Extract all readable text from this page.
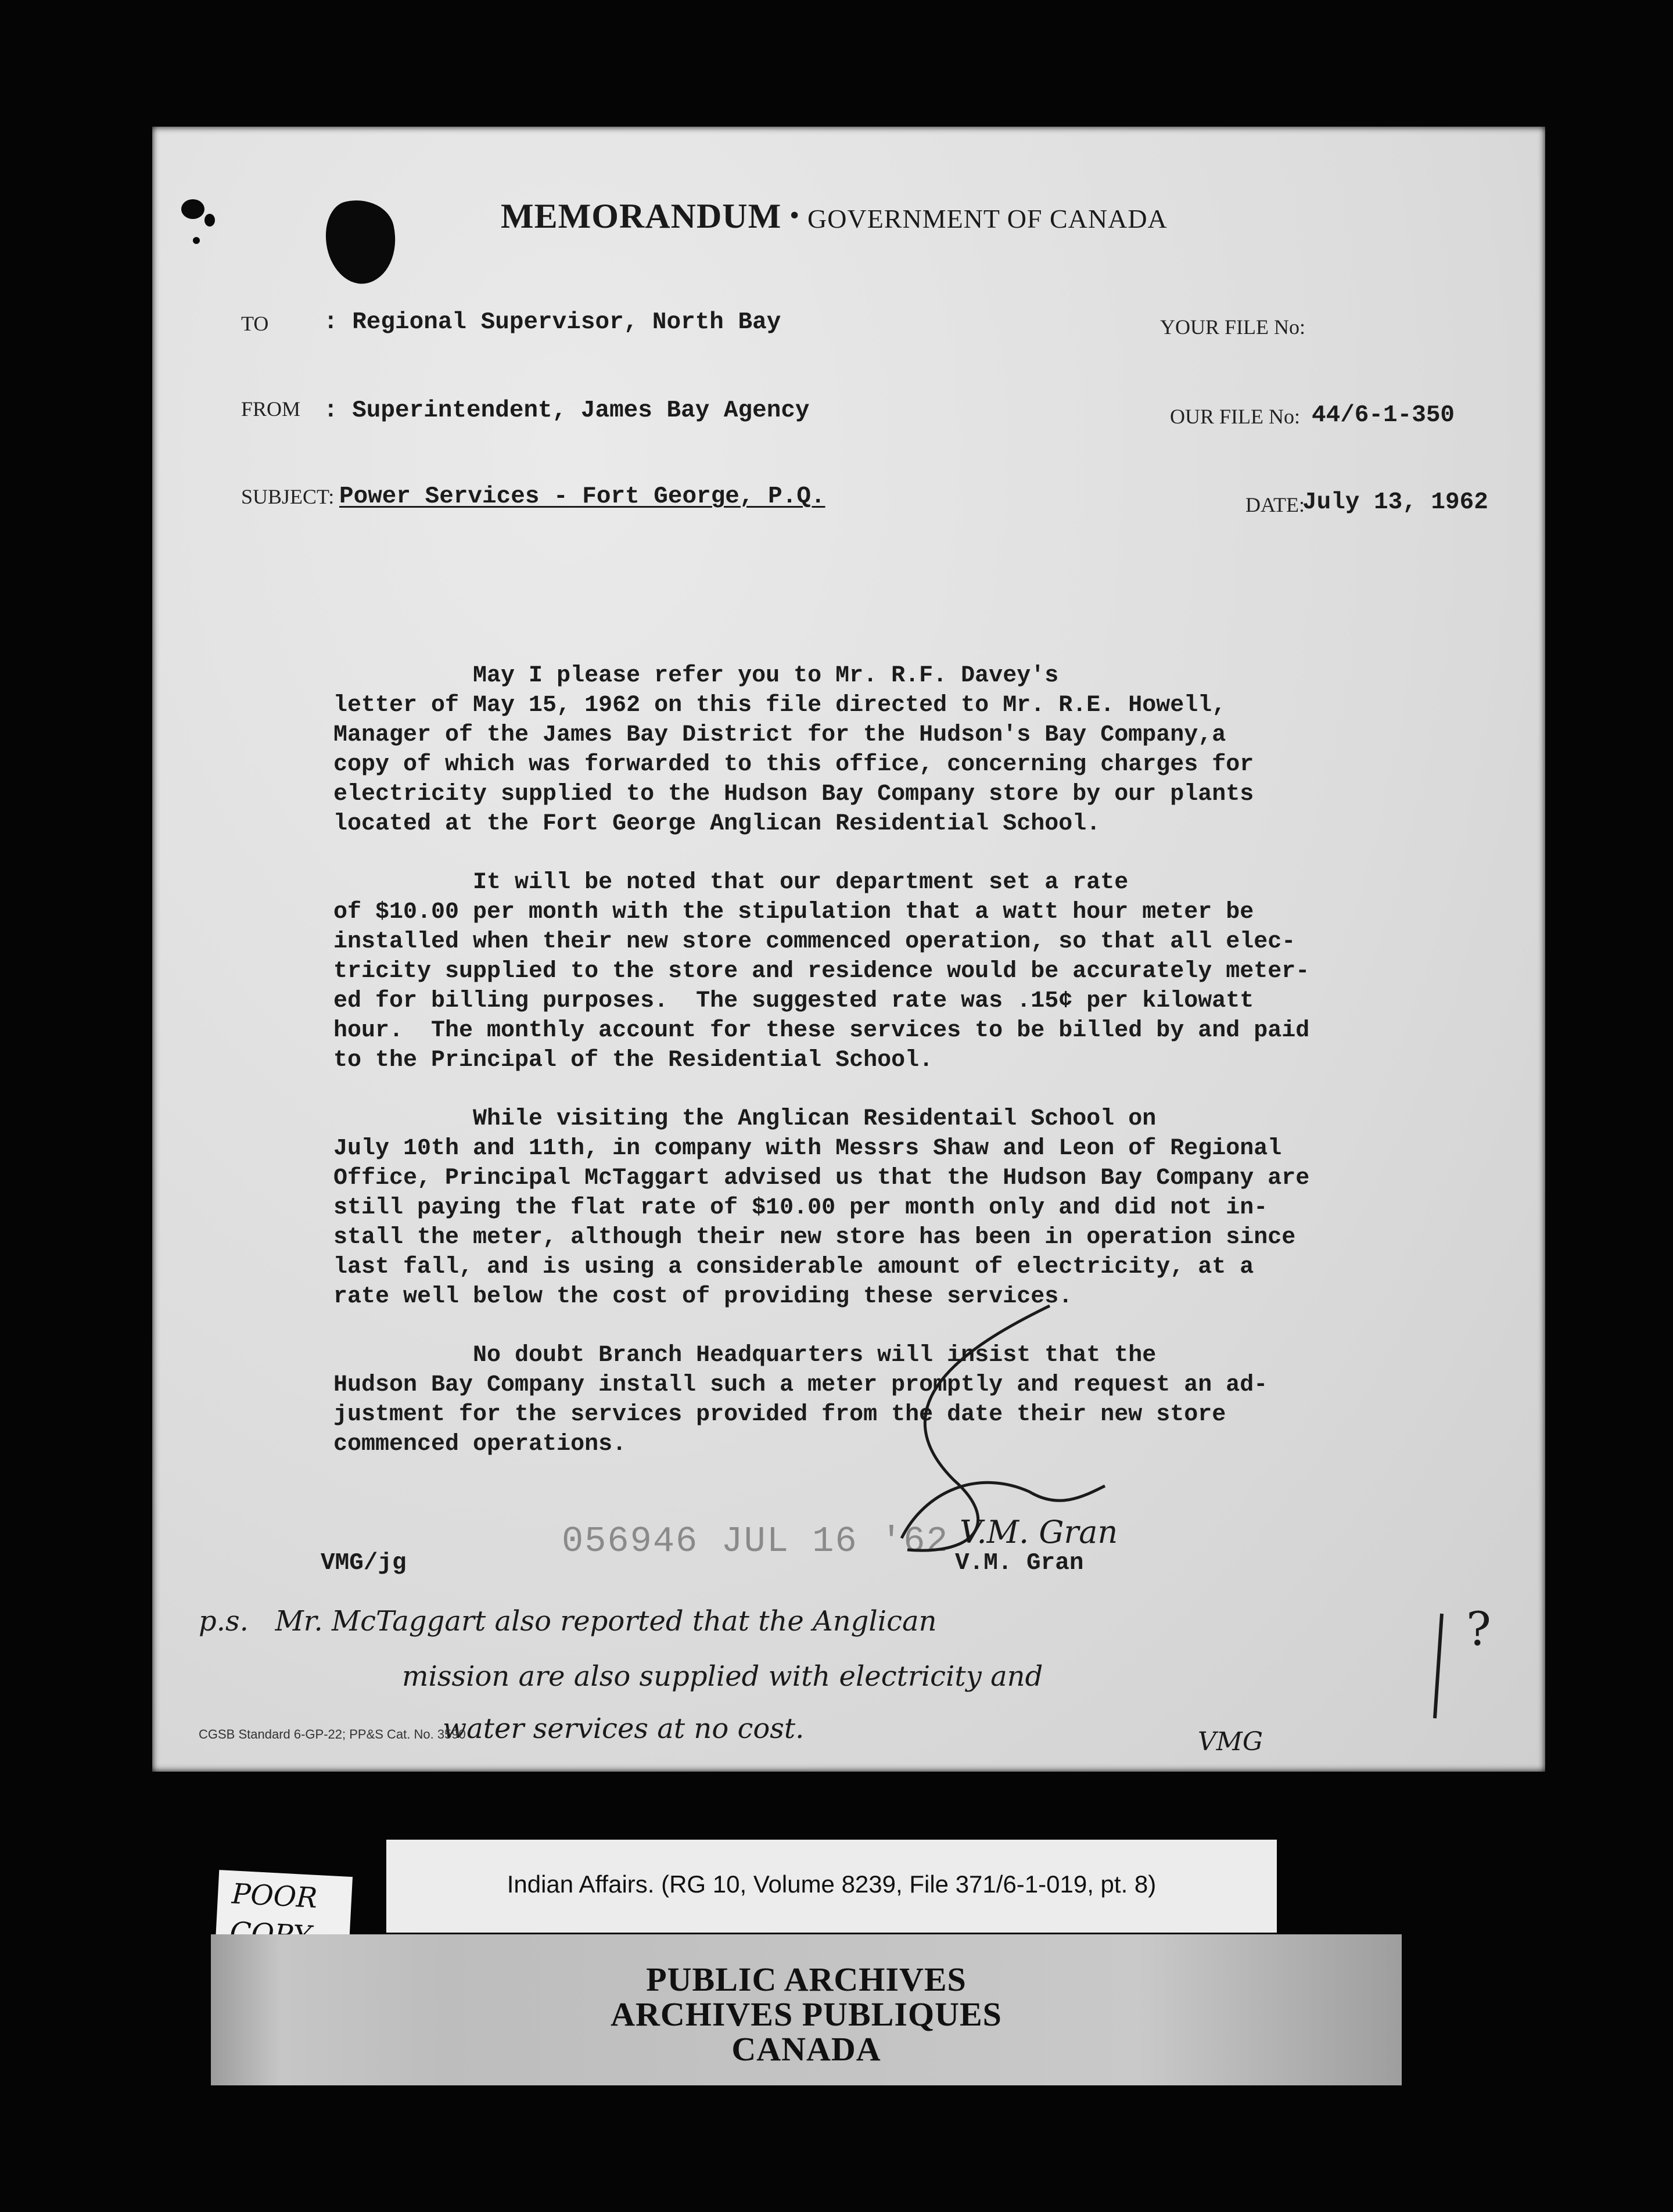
MEMORANDUM • GOVERNMENT OF CANADA
TO : Regional Supervisor, North Bay	YOUR FILE No:
FROM : Superintendent, James Bay Agency	OUR FILE No: 44/6-1-350
SUBJECT: Power Services - Fort George, P.Q.	DATE:
July 13, 1962

May I please refer you to Mr. R.F. Davey's
letter of May 15, 1962 on this file directed to Mr. R.E. Howell,
Manager of the James Bay District for the Hudson's Bay Company,a
copy of which was forwarded to this office, concerning charges for
electricity supplied to the Hudson Bay Company store by our plants
located at the Fort George Anglican Residential School.

It will be noted that our department set a rate
of $10.00 per month with the stipulation that a watt hour meter be
installed when their new store commenced operation, so that all elec-
tricity supplied to the store and residence would be accurately meter-
ed for billing purposes.  The suggested rate was .15¢ per kilowatt
hour.  The monthly account for these services to be billed by and paid
to the Principal of the Residential School.

While visiting the Anglican Residentail School on
July 10th and 11th, in company with Messrs Shaw and Leon of Regional
Office, Principal McTaggart advised us that the Hudson Bay Company are
still paying the flat rate of $10.00 per month only and did not in-
stall the meter, although their new store has been in operation since
last fall, and is using a considerable amount of electricity, at a
rate well below the cost of providing these services.

No doubt Branch Headquarters will insist that the
Hudson Bay Company install such a meter promptly and request an ad-
justment for the services provided from the date their new store
commenced operations.

VMG/jg
056946 JUL 16 '62 V.M. Gran
V.M. Gran
p.s.   Mr. McTaggart also reported that the Anglican
mission are also supplied with electricity and
water services at no cost.	VMG
?
CGSB Standard 6-GP-22; PP&S Cat. No. 3590
Indian Affairs. (RG 10, Volume 8239, File 371/6-1-019, pt. 8)
POOR
PUBLIC ARCHIVES
ARCHIVES PUBLIQUES
CANADA
